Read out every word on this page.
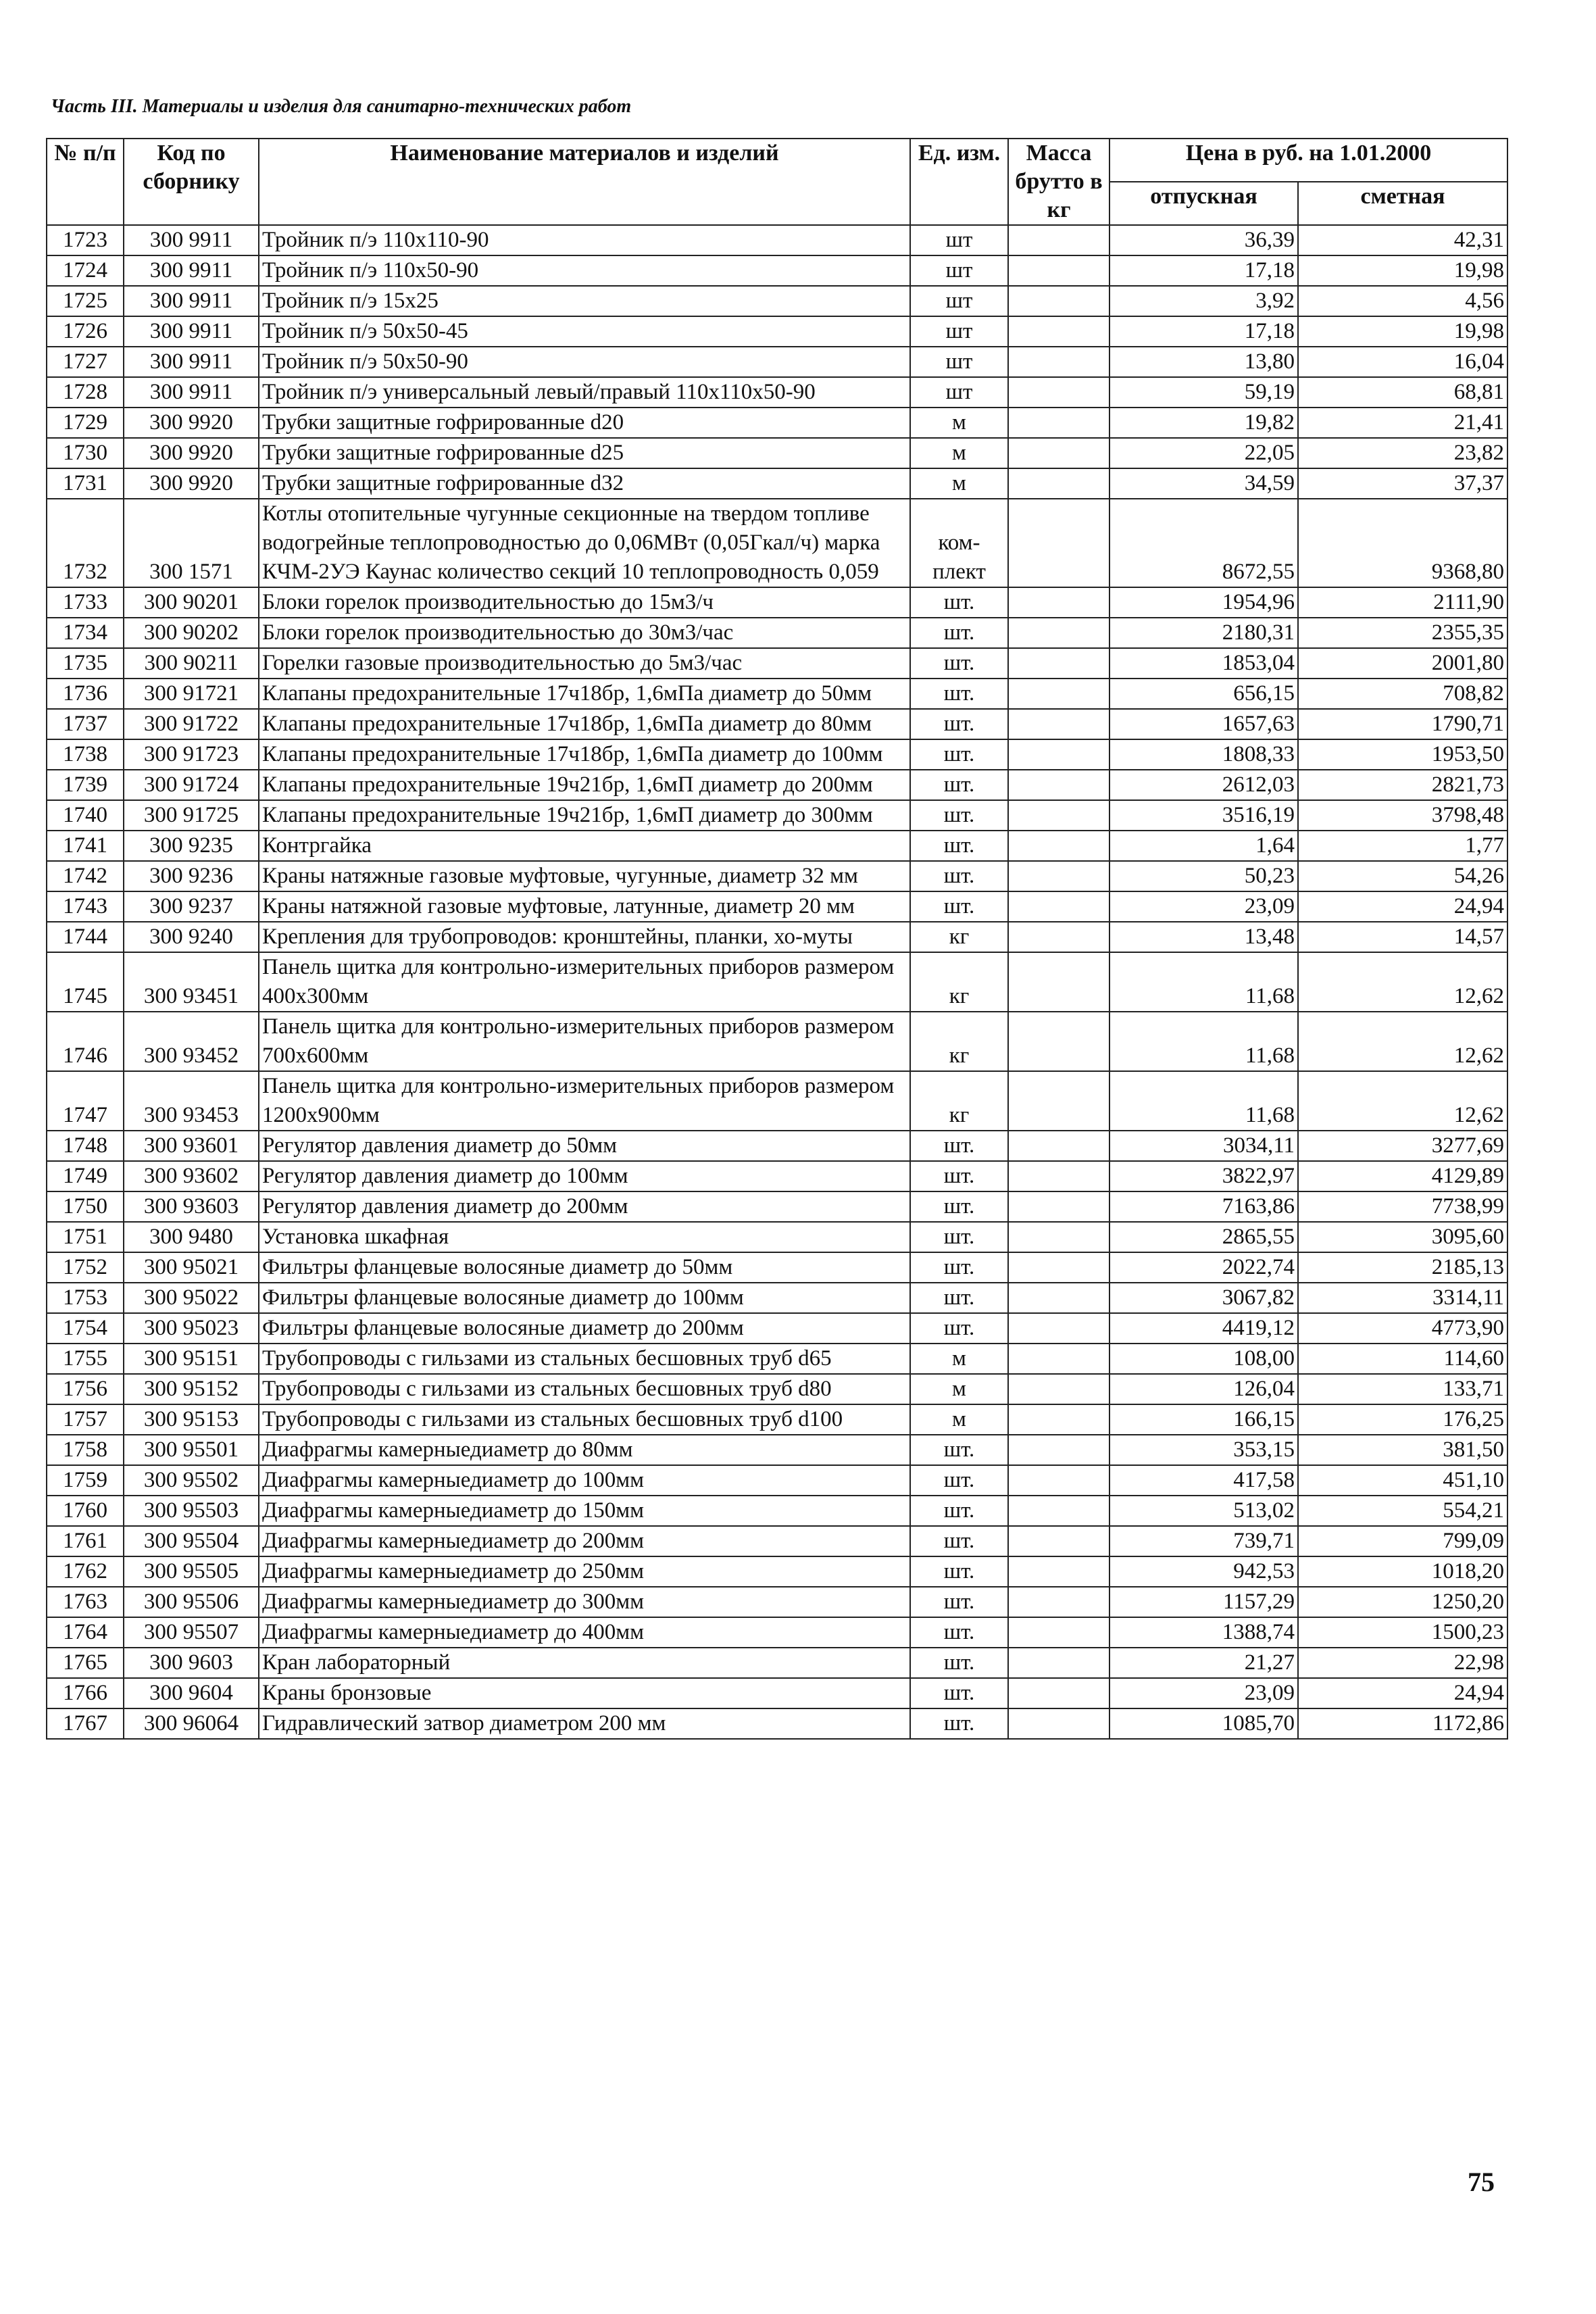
Часть III. Материалы и изделия для санитарно-технических работ
№ п/п	Код по сборнику	Наименование материалов и изделий	Ед. изм.	Масса брутто в кг	Цена в руб. на 1.01.2000	
					отпускная	сметная
1723	300 9911	Тройник п/э 110х110-90	шт		36,39	42,31
1724	300 9911	Тройник п/э 110х50-90	шт		17,18	19,98
1725	300 9911	Тройник п/э 15х25	шт		3,92	4,56
1726	300 9911	Тройник п/э 50х50-45	шт		17,18	19,98
1727	300 9911	Тройник п/э 50х50-90	шт		13,80	16,04
1728	300 9911	Тройник п/э универсальный левый/правый 110х110х50-90	шт		59,19	68,81
1729	300 9920	Трубки защитные гофрированные d20	м		19,82	21,41
1730	300 9920	Трубки защитные гофрированные d25	м		22,05	23,82
1731	300 9920	Трубки защитные гофрированные d32	м		34,59	37,37
1732	300 1571	Котлы отопительные чугунные секционные на твердом топливе водогрейные теплопроводностью до 0,06МВт (0,05Гкал/ч) марка КЧМ-2УЭ Каунас количество секций 10 теплопроводность 0,059	ком-плект		8672,55	9368,80
1733	300 90201	Блоки горелок производительностью до 15м3/ч	шт.		1954,96	2111,90
1734	300 90202	Блоки горелок производительностью до 30м3/час	шт.		2180,31	2355,35
1735	300 90211	Горелки газовые производительностью до 5м3/час	шт.		1853,04	2001,80
1736	300 91721	Клапаны предохранительные 17ч18бр, 1,6мПа диаметр до 50мм	шт.		656,15	708,82
1737	300 91722	Клапаны предохранительные 17ч18бр, 1,6мПа диаметр до 80мм	шт.		1657,63	1790,71
1738	300 91723	Клапаны предохранительные 17ч18бр, 1,6мПа диаметр до 100мм	шт.		1808,33	1953,50
1739	300 91724	Клапаны предохранительные 19ч21бр, 1,6мП диаметр до 200мм	шт.		2612,03	2821,73
1740	300 91725	Клапаны предохранительные 19ч21бр, 1,6мП диаметр до 300мм	шт.		3516,19	3798,48
1741	300 9235	Контргайка	шт.		1,64	1,77
1742	300 9236	Краны натяжные газовые муфтовые, чугунные, диаметр 32 мм	шт.		50,23	54,26
1743	300 9237	Краны натяжной газовые муфтовые, латунные, диаметр 20 мм	шт.		23,09	24,94
1744	300 9240	Крепления для трубопроводов: кронштейны, планки, хо-муты	кг		13,48	14,57
1745	300 93451	Панель щитка для контрольно-измерительных приборов размером 400х300мм	кг		11,68	12,62
1746	300 93452	Панель щитка для контрольно-измерительных приборов размером 700х600мм	кг		11,68	12,62
1747	300 93453	Панель щитка для контрольно-измерительных приборов размером 1200х900мм	кг		11,68	12,62
1748	300 93601	Регулятор давления диаметр до 50мм	шт.		3034,11	3277,69
1749	300 93602	Регулятор давления диаметр до 100мм	шт.		3822,97	4129,89
1750	300 93603	Регулятор давления диаметр до 200мм	шт.		7163,86	7738,99
1751	300 9480	Установка шкафная	шт.		2865,55	3095,60
1752	300 95021	Фильтры фланцевые волосяные диаметр до 50мм	шт.		2022,74	2185,13
1753	300 95022	Фильтры фланцевые волосяные диаметр до 100мм	шт.		3067,82	3314,11
1754	300 95023	Фильтры фланцевые волосяные диаметр до 200мм	шт.		4419,12	4773,90
1755	300 95151	Трубопроводы с гильзами из стальных бесшовных труб d65	м		108,00	114,60
1756	300 95152	Трубопроводы с гильзами из стальных бесшовных труб d80	м		126,04	133,71
1757	300 95153	Трубопроводы с гильзами из стальных бесшовных труб d100	м		166,15	176,25
1758	300 95501	Диафрагмы камерныедиаметр до 80мм	шт.		353,15	381,50
1759	300 95502	Диафрагмы камерныедиаметр до 100мм	шт.		417,58	451,10
1760	300 95503	Диафрагмы камерныедиаметр до 150мм	шт.		513,02	554,21
1761	300 95504	Диафрагмы камерныедиаметр до 200мм	шт.		739,71	799,09
1762	300 95505	Диафрагмы камерныедиаметр до 250мм	шт.		942,53	1018,20
1763	300 95506	Диафрагмы камерныедиаметр до 300мм	шт.		1157,29	1250,20
1764	300 95507	Диафрагмы камерныедиаметр до 400мм	шт.		1388,74	1500,23
1765	300 9603	Кран лабораторный	шт.		21,27	22,98
1766	300 9604	Краны бронзовые	шт.		23,09	24,94
1767	300 96064	Гидравлический затвор диаметром 200 мм	шт.		1085,70	1172,86
75
